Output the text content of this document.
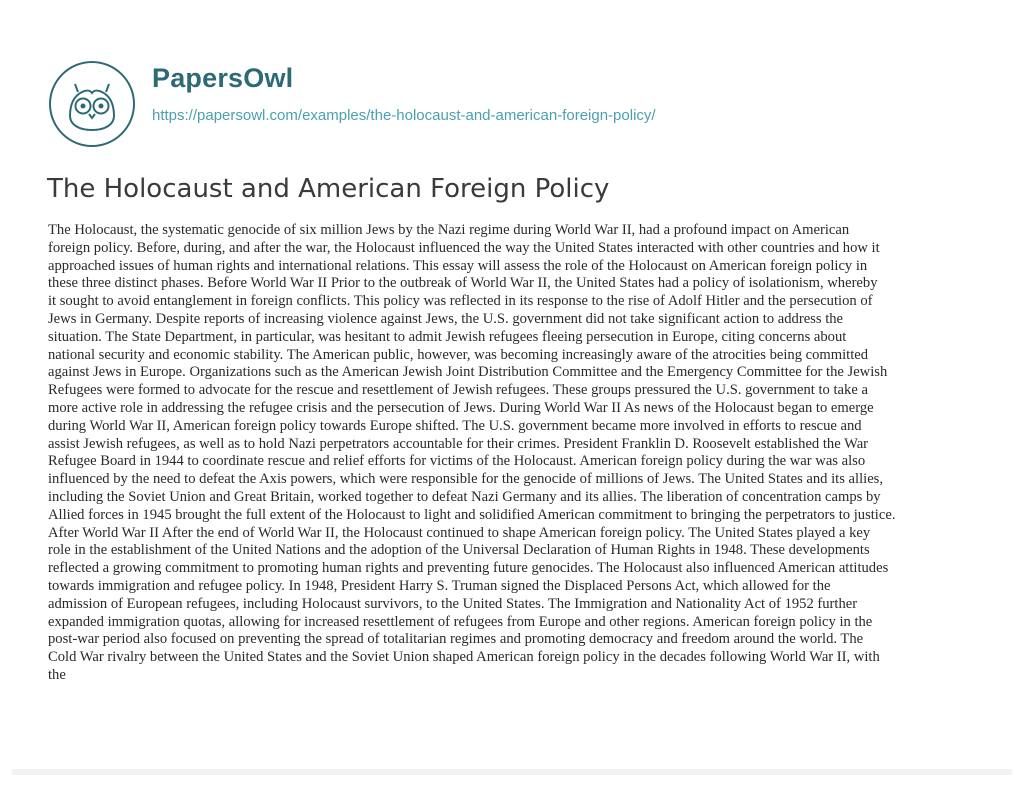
PapersOwl
https://papersowl.com/examples/the-holocaust-and-american-foreign-policy/
The Holocaust and American Foreign Policy
The Holocaust, the systematic genocide of six million Jews by the Nazi regime during World War II, had a profound impact on American
foreign policy. Before, during, and after the war, the Holocaust influenced the way the United States interacted with other countries and how it
approached issues of human rights and international relations. This essay will assess the role of the Holocaust on American foreign policy in
these three distinct phases. Before World War II Prior to the outbreak of World War II, the United States had a policy of isolationism, whereby
it sought to avoid entanglement in foreign conflicts. This policy was reflected in its response to the rise of Adolf Hitler and the persecution of
Jews in Germany. Despite reports of increasing violence against Jews, the U.S. government did not take significant action to address the
situation. The State Department, in particular, was hesitant to admit Jewish refugees fleeing persecution in Europe, citing concerns about
national security and economic stability. The American public, however, was becoming increasingly aware of the atrocities being committed
against Jews in Europe. Organizations such as the American Jewish Joint Distribution Committee and the Emergency Committee for the Jewish
Refugees were formed to advocate for the rescue and resettlement of Jewish refugees. These groups pressured the U.S. government to take a
more active role in addressing the refugee crisis and the persecution of Jews. During World War II As news of the Holocaust began to emerge
during World War II, American foreign policy towards Europe shifted. The U.S. government became more involved in efforts to rescue and
assist Jewish refugees, as well as to hold Nazi perpetrators accountable for their crimes. President Franklin D. Roosevelt established the War
Refugee Board in 1944 to coordinate rescue and relief efforts for victims of the Holocaust. American foreign policy during the war was also
influenced by the need to defeat the Axis powers, which were responsible for the genocide of millions of Jews. The United States and its allies,
including the Soviet Union and Great Britain, worked together to defeat Nazi Germany and its allies. The liberation of concentration camps by
Allied forces in 1945 brought the full extent of the Holocaust to light and solidified American commitment to bringing the perpetrators to justice.
After World War II After the end of World War II, the Holocaust continued to shape American foreign policy. The United States played a key
role in the establishment of the United Nations and the adoption of the Universal Declaration of Human Rights in 1948. These developments
reflected a growing commitment to promoting human rights and preventing future genocides. The Holocaust also influenced American attitudes
towards immigration and refugee policy. In 1948, President Harry S. Truman signed the Displaced Persons Act, which allowed for the
admission of European refugees, including Holocaust survivors, to the United States. The Immigration and Nationality Act of 1952 further
expanded immigration quotas, allowing for increased resettlement of refugees from Europe and other regions. American foreign policy in the
post-war period also focused on preventing the spread of totalitarian regimes and promoting democracy and freedom around the world. The
Cold War rivalry between the United States and the Soviet Union shaped American foreign policy in the decades following World War II, with
the
